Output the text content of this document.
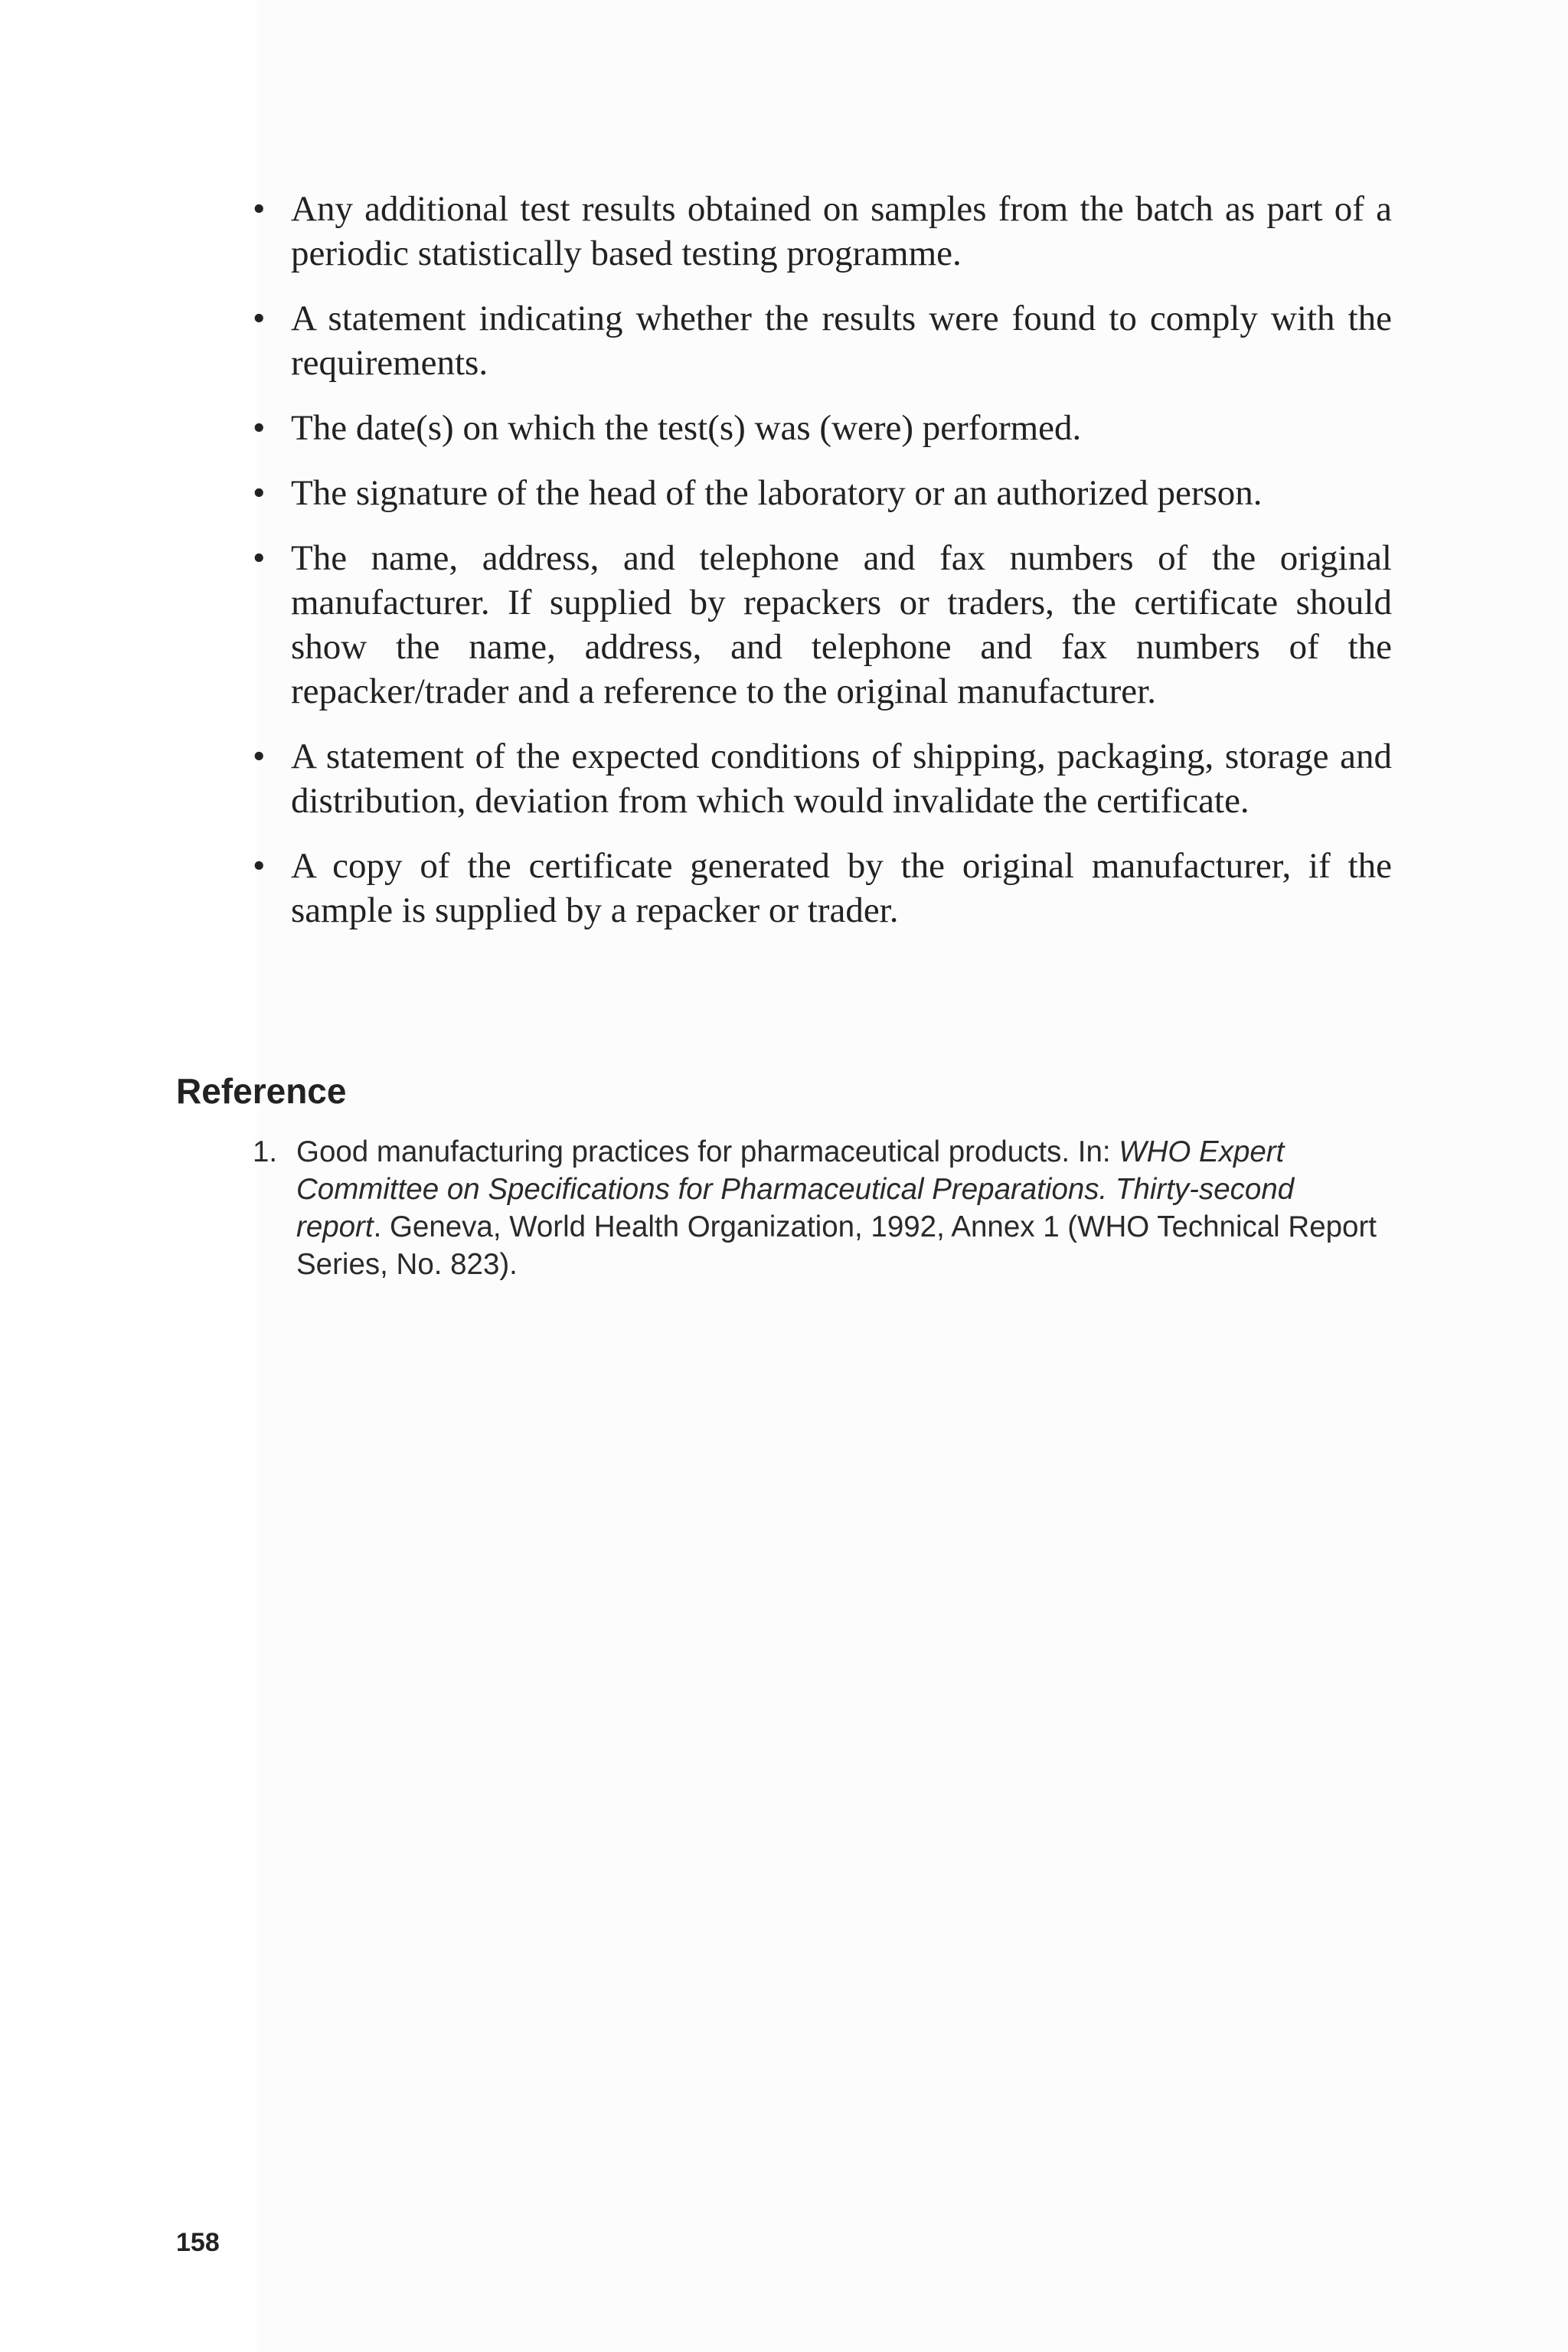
• Any additional test results obtained on samples from the batch as part of a periodic statistically based testing programme.
• A statement indicating whether the results were found to comply with the requirements.
• The date(s) on which the test(s) was (were) performed.
• The signature of the head of the laboratory or an authorized person.
• The name, address, and telephone and fax numbers of the original manufacturer. If supplied by repackers or traders, the certificate should show the name, address, and telephone and fax numbers of the repacker/trader and a reference to the original manufacturer.
• A statement of the expected conditions of shipping, packaging, storage and distribution, deviation from which would invalidate the certificate.
• A copy of the certificate generated by the original manufacturer, if the sample is supplied by a repacker or trader.
Reference
1. Good manufacturing practices for pharmaceutical products. In: WHO Expert Committee on Specifications for Pharmaceutical Preparations. Thirty-second report. Geneva, World Health Organization, 1992, Annex 1 (WHO Technical Report Series, No. 823).
158
